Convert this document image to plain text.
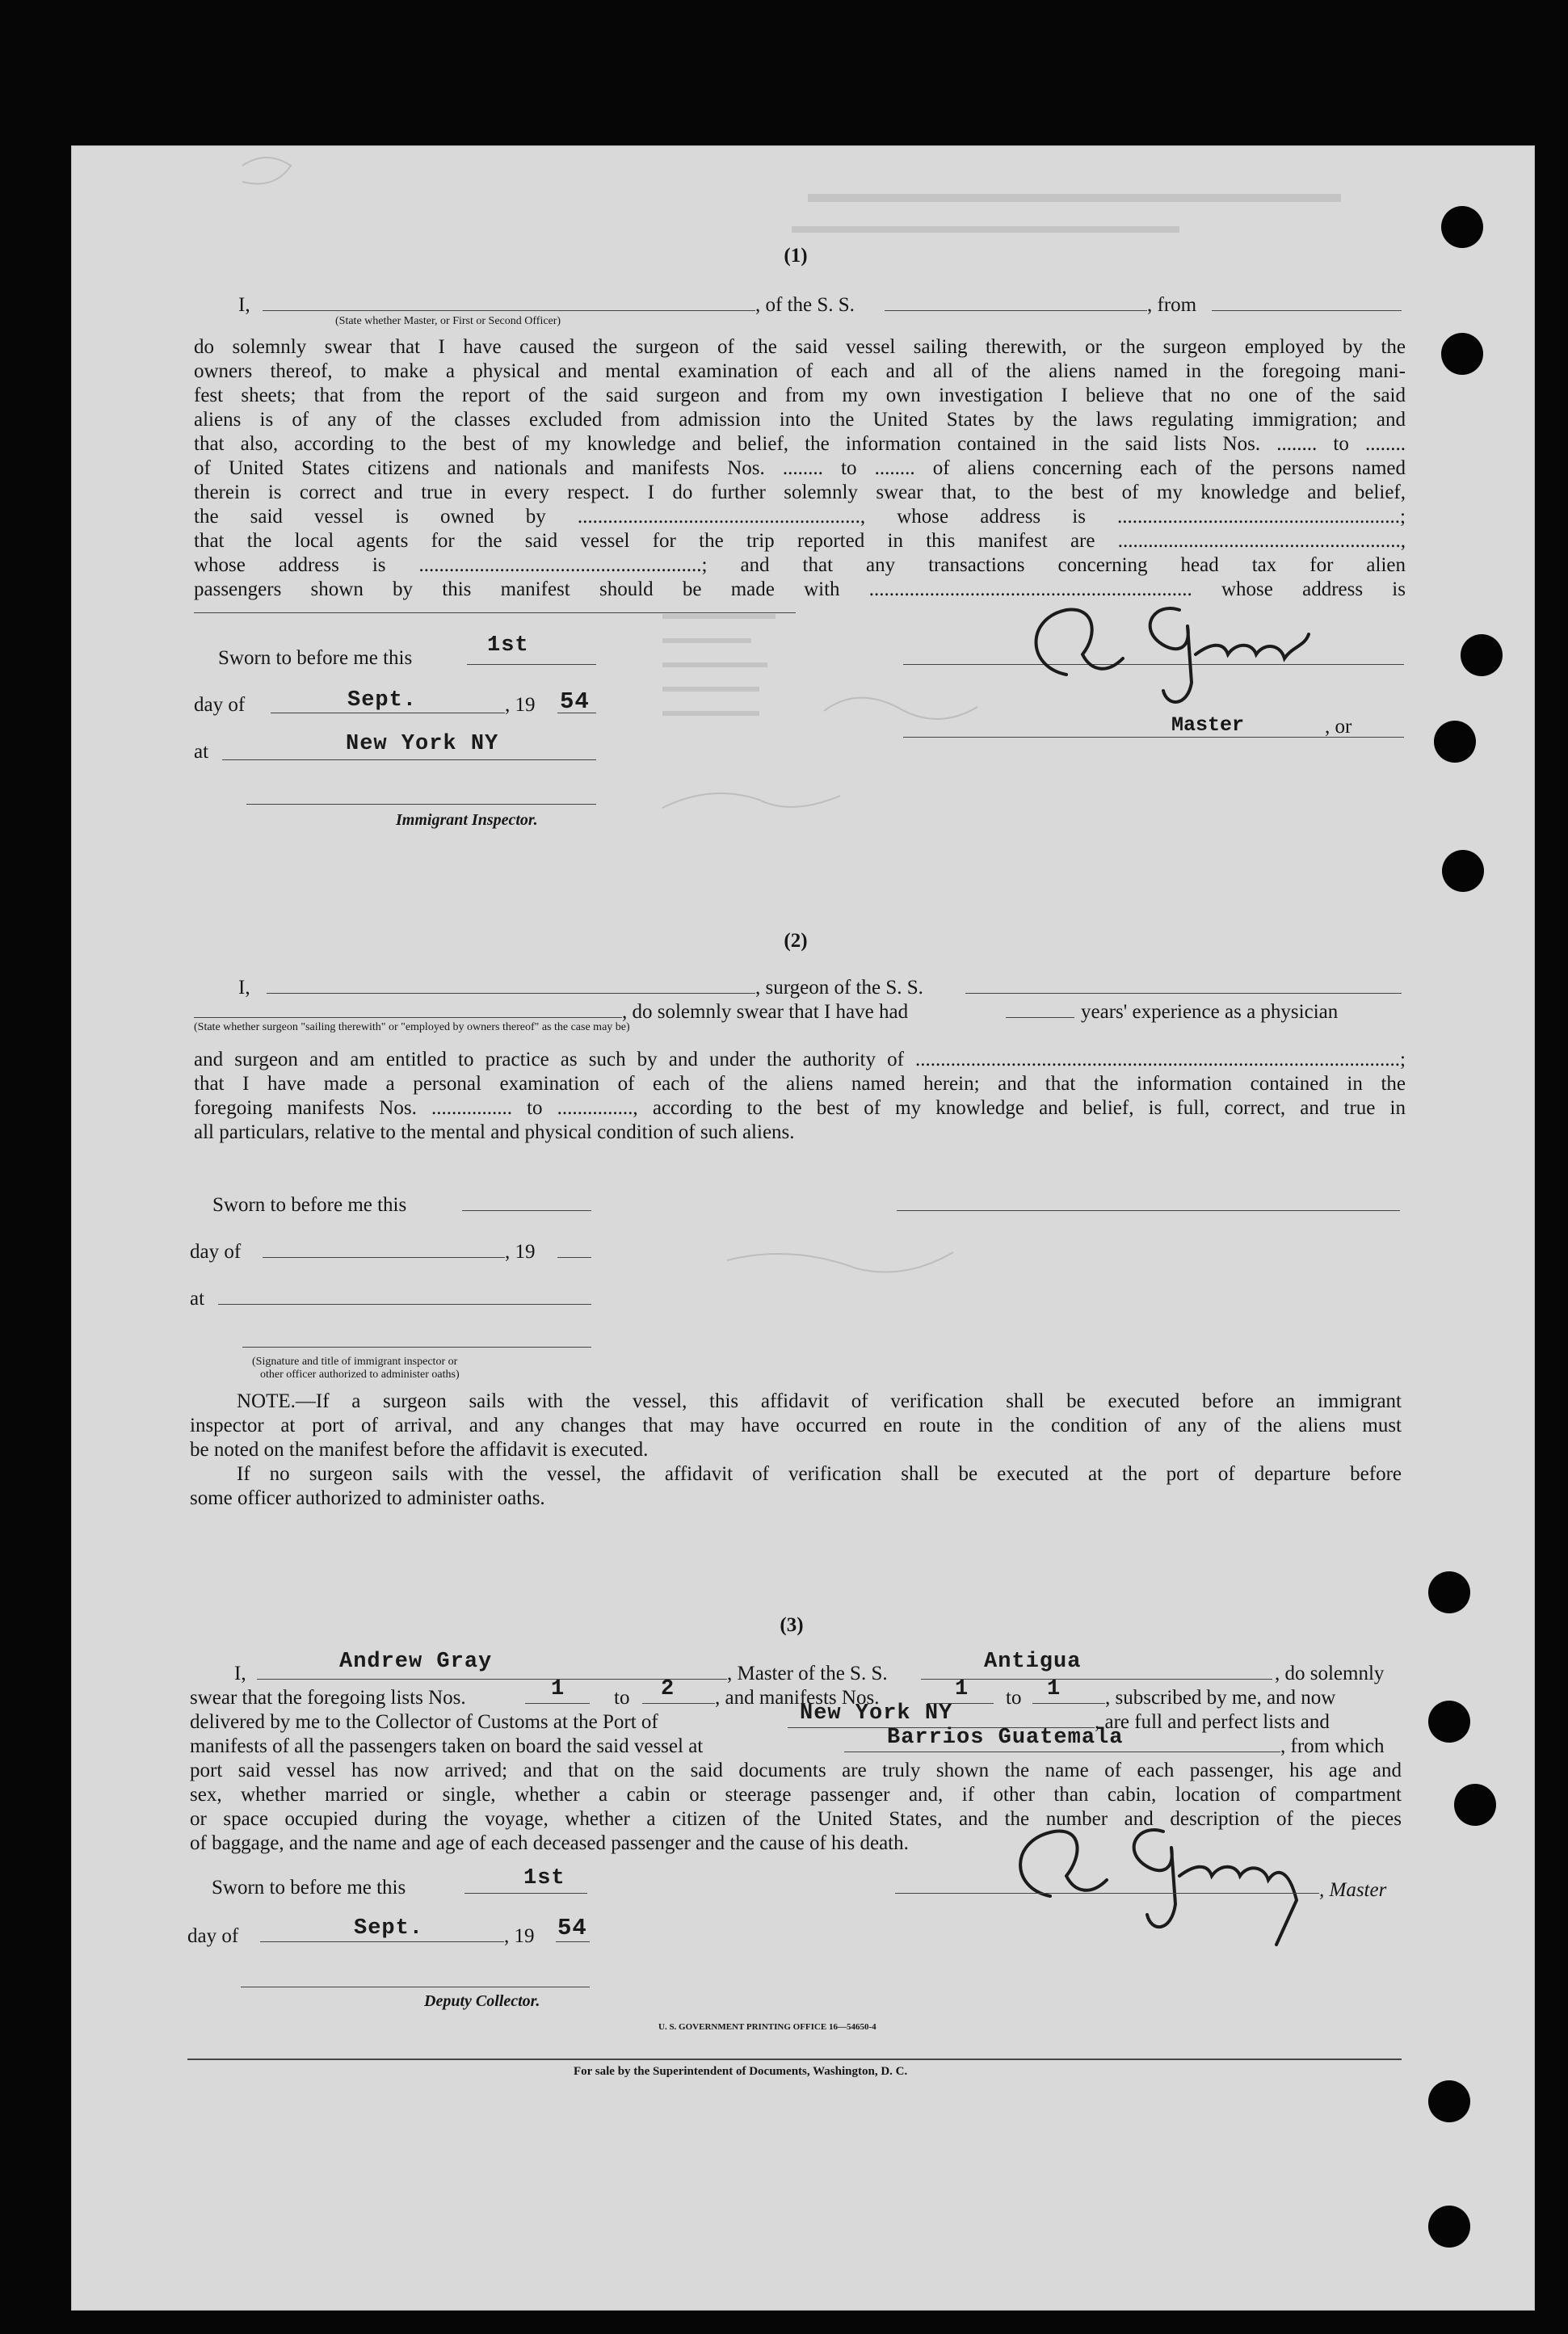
(1)
I,
(State whether Master, or First or Second Officer)
, of the S. S.	, from
do solemnly swear that I have caused the surgeon of the said vessel sailing therewith, or the surgeon employed by the
owners thereof, to make a physical and mental examination of each and all of the aliens named in the foregoing mani-
fest sheets; that from the report of the said surgeon and from my own investigation I believe that no one of the said
aliens is of any of the classes excluded from admission into the United States by the laws regulating immigration; and
that also, according to the best of my knowledge and belief, the information contained in the said lists Nos. ........ to ........
of United States citizens and nationals and manifests Nos. ........ to ........ of aliens concerning each of the persons named
therein is correct and true in every respect. I do further solemnly swear that, to the best of my knowledge and belief,
the said vessel is owned by ........................................................, whose address is ........................................................;
that the local agents for the said vessel for the trip reported in this manifest are ........................................................,
whose address is ........................................................; and that any transactions concerning head tax for alien
passengers shown by this manifest should be made with ................................................................ whose address is
Sworn to before me this
1st
day of	Sept.	, 19 54
at	New York NY
Immigrant Inspector.
Master	, or
(2)
I,	, surgeon of the S. S.
, do solemnly swear that I have had	years' experience as a physician
(State whether surgeon "sailing therewith" or "employed by owners thereof" as the case may be)
and surgeon and am entitled to practice as such by and under the authority of ................................................................................................;
that I have made a personal examination of each of the aliens named herein; and that the information contained in the
foregoing manifests Nos. ................ to ..............., according to the best of my knowledge and belief, is full, correct, and true in
all particulars, relative to the mental and physical condition of such aliens.
Sworn to before me this
day of	, 19
at
(Signature and title of immigrant inspector or
other officer authorized to administer oaths)
NOTE.—If a surgeon sails with the vessel, this affidavit of verification shall be executed before an immigrant
inspector at port of arrival, and any changes that may have occurred en route in the condition of any of the aliens must
be noted on the manifest before the affidavit is executed.
If no surgeon sails with the vessel, the affidavit of verification shall be executed at the port of departure before
some officer authorized to administer oaths.
(3)
I,	Andrew Gray	, Master of the S. S.	Antigua	, do solemnly
swear that the foregoing lists Nos.	1 to 2 , and manifests Nos.	1 to 1 , subscribed by me, and now
delivered by me to the Collector of Customs at the Port of	New York NY	, are full and perfect lists and
manifests of all the passengers taken on board the said vessel at	Barrios Guatemala	, from which
port said vessel has now arrived; and that on the said documents are truly shown the name of each passenger, his age and
sex, whether married or single, whether a cabin or steerage passenger and, if other than cabin, location of compartment
or space occupied during the voyage, whether a citizen of the United States, and the number and description of the pieces
of baggage, and the name and age of each deceased passenger and the cause of his death.
Sworn to before me this	1st
day of	Sept.	, 19 54
Deputy Collector.
, Master
U. S. GOVERNMENT PRINTING OFFICE 16—54650-4
For sale by the Superintendent of Documents, Washington, D. C.
